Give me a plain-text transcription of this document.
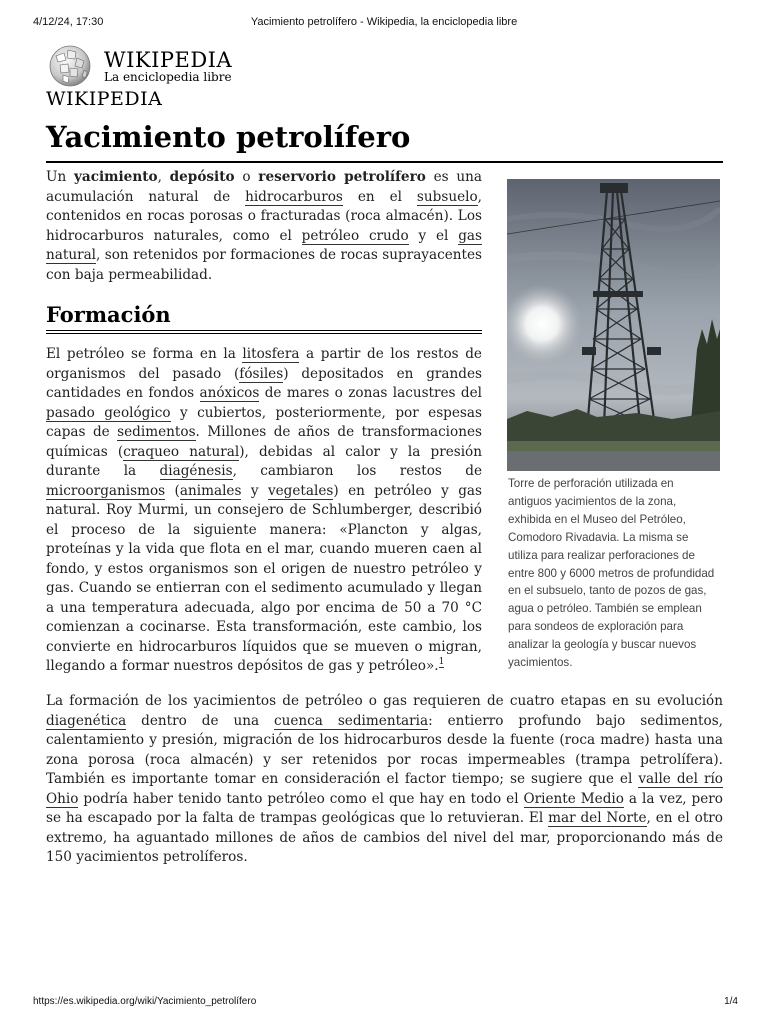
4/12/24, 17:30	Yacimiento petrolífero - Wikipedia, la enciclopedia libre
WIKIPEDIA
La enciclopedia libre
WIKIPEDIA
Yacimiento petrolífero
Un yacimiento, depósito o reservorio petrolífero es una acumulación natural de hidrocarburos en el subsuelo, contenidos en rocas porosas o fracturadas (roca almacén). Los hidrocarburos naturales, como el petróleo crudo y el gas natural, son retenidos por formaciones de rocas suprayacentes con baja permeabilidad.
Formación
El petróleo se forma en la litosfera a partir de los restos de organismos del pasado (fósiles) depositados en grandes cantidades en fondos anóxicos de mares o zonas lacustres del pasado geológico y cubiertos, posteriormente, por espesas capas de sedimentos. Millones de años de transformaciones químicas (craqueo natural), debidas al calor y la presión durante la diagénesis, cambiaron los restos de microorganismos (animales y vegetales) en petróleo y gas natural. Roy Murmi, un consejero de Schlumberger, describió el proceso de la siguiente manera: «Plancton y algas, proteínas y la vida que flota en el mar, cuando mueren caen al fondo, y estos organismos son el origen de nuestro petróleo y gas. Cuando se entierran con el sedimento acumulado y llegan a una temperatura adecuada, algo por encima de 50 a 70 °C comienzan a cocinarse. Esta transformación, este cambio, los convierte en hidrocarburos líquidos que se mueven o migran, llegando a formar nuestros depósitos de gas y petróleo».$^1$
Torre de perforación utilizada en antiguos yacimientos de la zona, exhibida en el Museo del Petróleo, Comodoro Rivadavia. La misma se utiliza para realizar perforaciones de entre 800 y 6000 metros de profundidad en el subsuelo, tanto de pozos de gas, agua o petróleo. También se emplean para sondeos de exploración para analizar la geología y buscar nuevos yacimientos.
La formación de los yacimientos de petróleo o gas requieren de cuatro etapas en su evolución diagenética dentro de una cuenca sedimentaria: entierro profundo bajo sedimentos, calentamiento y presión, migración de los hidrocarburos desde la fuente (roca madre) hasta una zona porosa (roca almacén) y ser retenidos por rocas impermeables (trampa petrolífera). También es importante tomar en consideración el factor tiempo; se sugiere que el valle del río Ohio podría haber tenido tanto petróleo como el que hay en todo el Oriente Medio a la vez, pero se ha escapado por la falta de trampas geológicas que lo retuvieran. El mar del Norte, en el otro extremo, ha aguantado millones de años de cambios del nivel del mar, proporcionando más de 150 yacimientos petrolíferos.
https://es.wikipedia.org/wiki/Yacimiento_petrolífero	1/4
